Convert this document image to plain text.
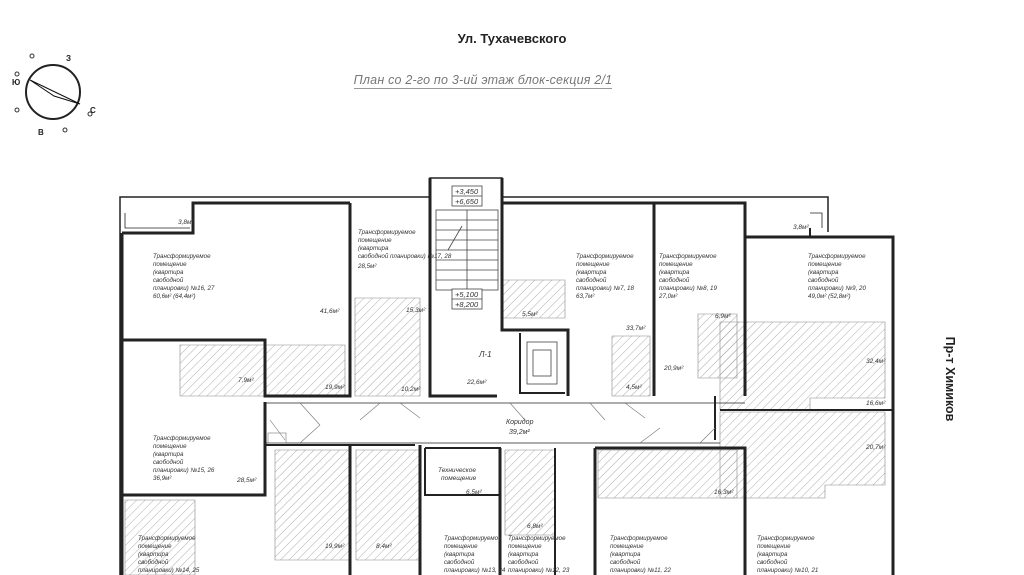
Ул. Тухачевского
План со 2-го по 3-ий этаж блок-секция 2/1
Пр-т Химиков
З
Ю
С
В
+3,450
+6,650
+5,100
+8,200
Л-1
Коридор
39,2м²
Техническое
помещение
6,5м²
Трансформируемое
помещение
(квартира
свободной
планировки) №16, 27
60,6м² (64,4м²)
Трансформируемое
помещение
(квартира
свободной планировки) №17, 28
28,5м²
Трансформируемое
помещение
(квартира
свободной
планировки) №7, 18
63,7м²
Трансформируемое
помещение
(квартира
свободной
планировки) №8, 19
27,0м²
Трансформируемое
помещение
(квартира
свободной
планировки) №9, 20
49,0м² (52,8м²)
Трансформируемое
помещение
(квартира
свободной
планировки) №15, 26
36,9м²
Трансформируемое
помещение
(квартира
свободной
планировки) №14, 25
Трансформируемое
помещение
(квартира
свободной
планировки) №13, 24
Трансформируемое
помещение
(квартира
свободной
планировки) №12, 23
Трансформируемое
помещение
(квартира
свободной
планировки) №11, 22
Трансформируемое
помещение
(квартира
свободной
планировки) №10, 21
3,8м²
41,6м²	15,3м²
7,9м²
19,9м²	10,2м²
22,6м²
5,5м²
33,7м²
4,5м²
20,9м²
6,9м²
3,8м²
32,4м²
16,6м²
20,7м²
28,5м²
16,3м²
19,9м²	8,4м²
6,8м²
